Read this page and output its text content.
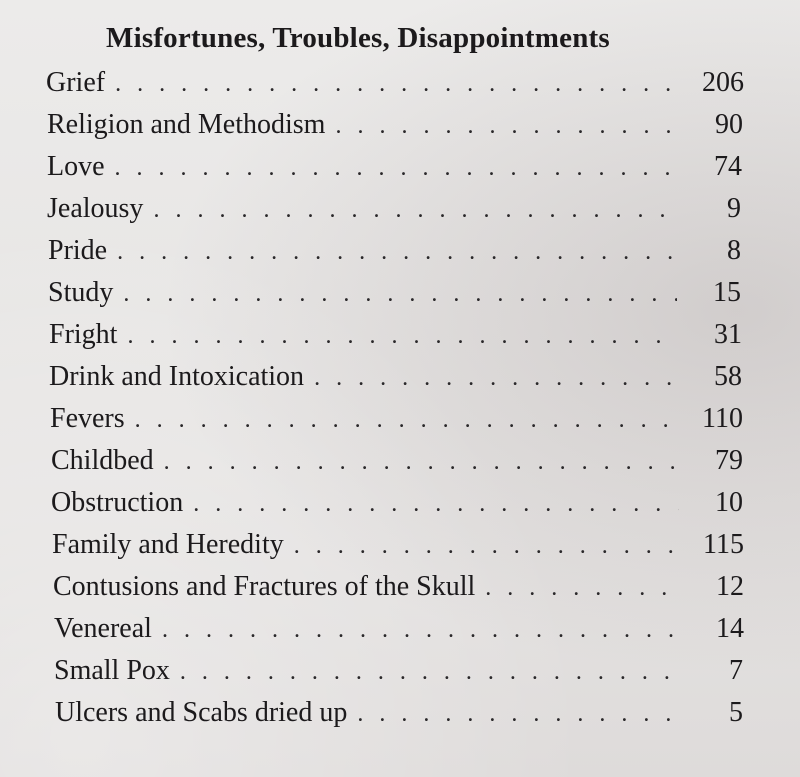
Misfortunes, Troubles, Disappointments
Grief . . .	206
Religion and Methodism . . .	90
Love . . .	74
Jealousy . . .	9
Pride . . .	8
Study . . .	15
Fright . . .	31
Drink and Intoxication . . .	58
Fevers . . .	110
Childbed . . .	79
Obstruction . . .	10
Family and Heredity . . .	115
Contusions and Fractures of the Skull . . .	12
Venereal . . .	14
Small Pox . . .	7
Ulcers and Scabs dried up . . .	5
